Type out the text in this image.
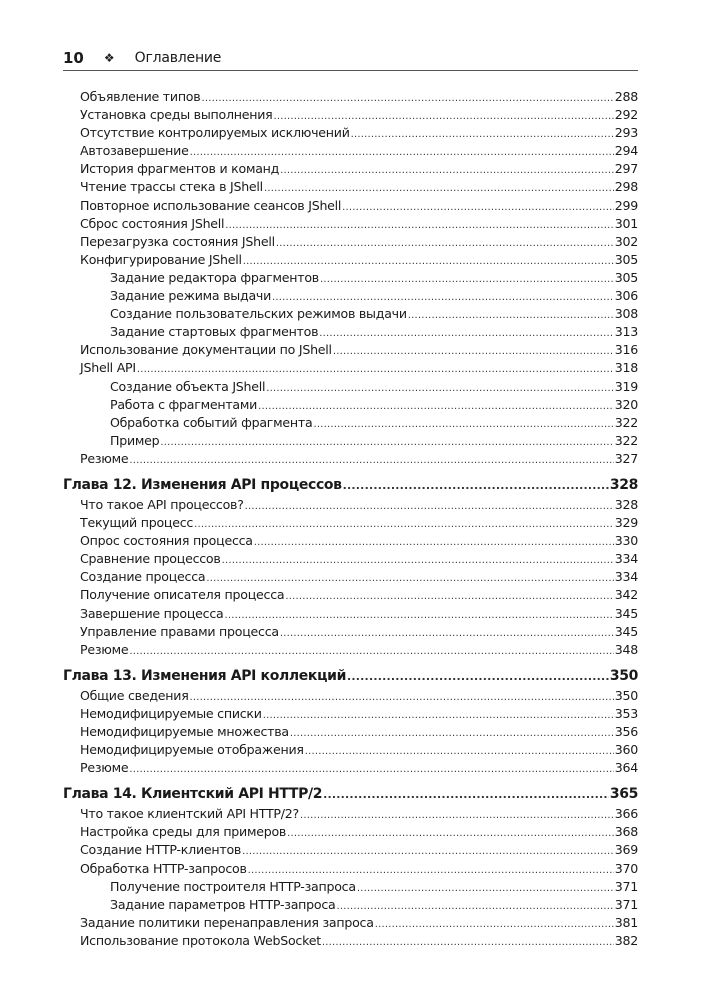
10 ❖ Оглавление
Объявление типов .....	288
Установка среды выполнения .....	292
Отсутствие контролируемых исключений .....	293
Автозавершение .....	294
История фрагментов и команд .....	297
Чтение трассы стека в JShell .....	298
Повторное использование сеансов JShell .....	299
Сброс состояния JShell .....	301
Перезагрузка состояния JShell .....	302
Конфигурирование JShell .....	305
Задание редактора фрагментов .....	305
Задание режима выдачи .....	306
Создание пользовательских режимов выдачи .....	308
Задание стартовых фрагментов .....	313
Использование документации по JShell .....	316
JShell API .....	318
Создание объекта JShell .....	319
Работа с фрагментами .....	320
Обработка событий фрагмента .....	322
Пример .....	322
Резюме .....	327
Глава 12. Изменения API процессов .....	328
Что такое API процессов? .....	328
Текущий процесс .....	329
Опрос состояния процесса .....	330
Сравнение процессов .....	334
Создание процесса .....	334
Получение описателя процесса .....	342
Завершение процесса .....	345
Управление правами процесса .....	345
Резюме .....	348
Глава 13. Изменения API коллекций .....	350
Общие сведения .....	350
Немодифицируемые списки .....	353
Немодифицируемые множества .....	356
Немодифицируемые отображения .....	360
Резюме .....	364
Глава 14. Клиентский API HTTP/2 .....	365
Что такое клиентский API HTTP/2? .....	366
Настройка среды для примеров .....	368
Создание HTTP-клиентов .....	369
Обработка HTTP-запросов .....	370
Получение построителя HTTP-запроса .....	371
Задание параметров HTTP-запроса .....	371
Задание политики перенаправления запроса .....	381
Использование протокола WebSocket .....	382
